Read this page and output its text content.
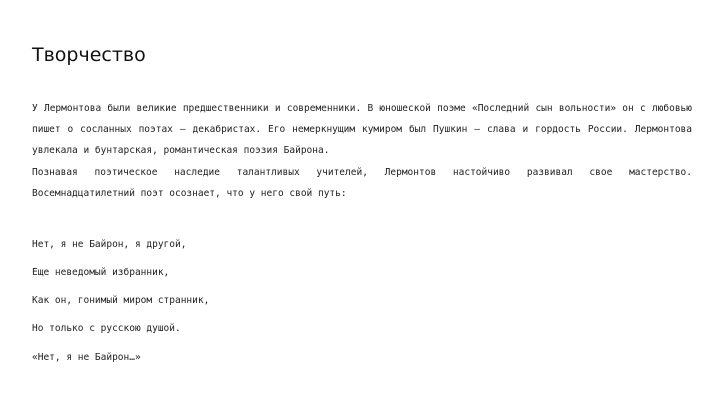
Творчество
У Лермонтова были великие предшественники и современники. В юношеской поэме «Последний сын вольности» он с любовью пишет о сосланных поэтах – декабристах. Его немеркнущим кумиром был Пушкин – слава и гордость России. Лермонтова увлекала и бунтарская, романтическая поэзия Байрона.
Познавая поэтическое наследие талантливых учителей, Лермонтов настойчиво развивал свое мастерство. Восемнадцатилетний поэт осознает, что у него свой путь:
Нет, я не Байрон, я другой,
Еще неведомый избранник,
Как он, гонимый миром странник,
Но только с русскою душой.
«Нет, я не Байрон…»
